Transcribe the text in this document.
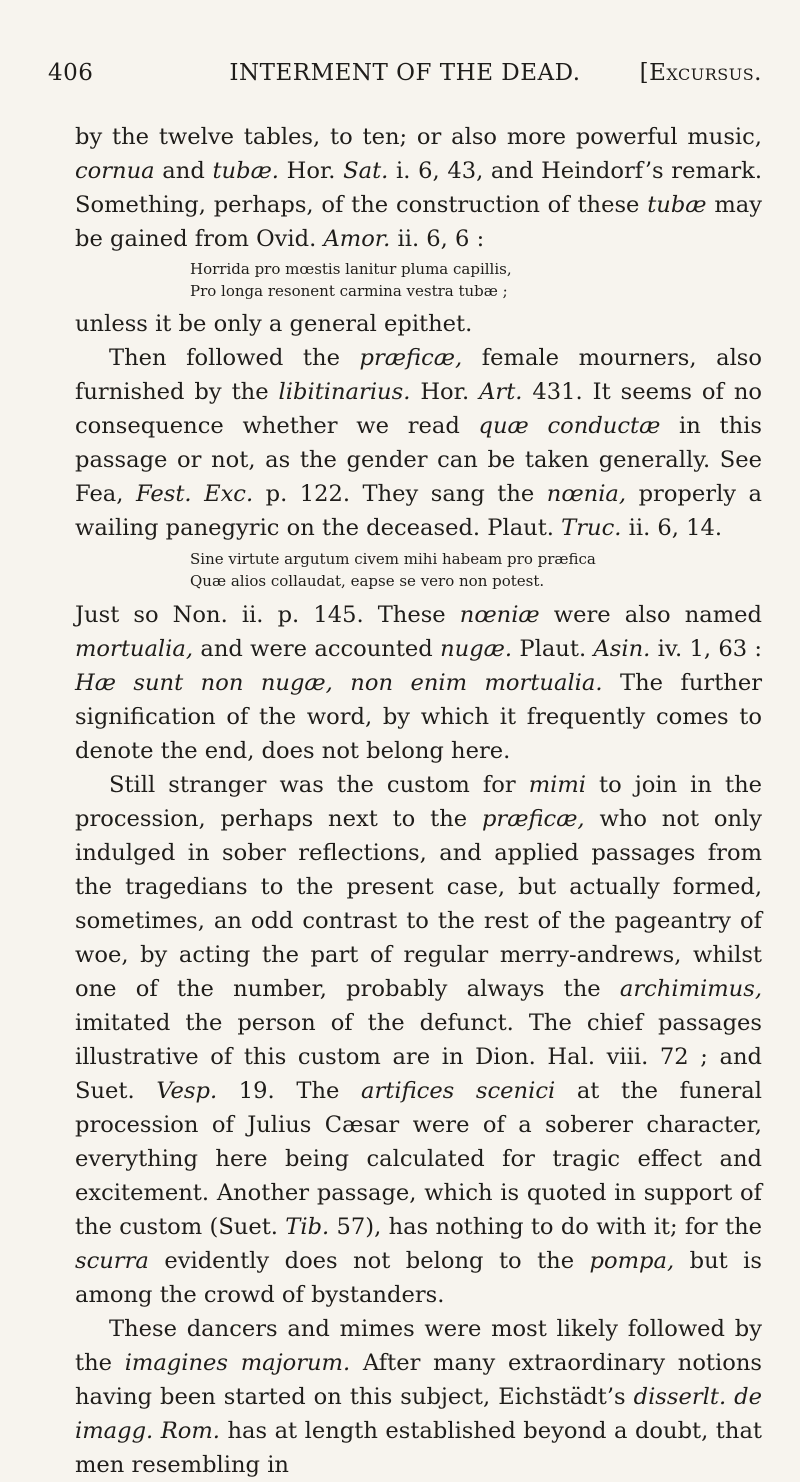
406	INTERMENT OF THE DEAD.	[Excursus.

by the twelve tables, to ten; or also more powerful music, cornua and tubæ. Hor. Sat. i. 6, 43, and Heindorf’s remark. Something, perhaps, of the construction of these tubæ may be gained from Ovid. Amor. ii. 6, 6 :

Horrida pro mœstis lanitur pluma capillis,
Pro longa resonent carmina vestra tubæ ;

unless it be only a general epithet.

Then followed the præficæ, female mourners, also furnished by the libitinarius. Hor. Art. 431. It seems of no consequence whether we read quæ conductæ in this passage or not, as the gender can be taken generally. See Fea, Fest. Exc. p. 122. They sang the nœnia, properly a wailing panegyric on the deceased. Plaut. Truc. ii. 6, 14.

Sine virtute argutum civem mihi habeam pro præfica
Quæ alios collaudat, eapse se vero non potest.

Just so Non. ii. p. 145. These nœniæ were also named mortualia, and were accounted nugæ. Plaut. Asin. iv. 1, 63 : Hæ sunt non nugæ, non enim mortualia. The further signification of the word, by which it frequently comes to denote the end, does not belong here.

Still stranger was the custom for mimi to join in the procession, perhaps next to the præficæ, who not only indulged in sober reflections, and applied passages from the tragedians to the present case, but actually formed, sometimes, an odd contrast to the rest of the pageantry of woe, by acting the part of regular merry-andrews, whilst one of the number, probably always the archimimus, imitated the person of the defunct. The chief passages illustrative of this custom are in Dion. Hal. viii. 72 ; and Suet. Vesp. 19. The artifices scenici at the funeral procession of Julius Cæsar were of a soberer character, everything here being calculated for tragic effect and excitement. Another passage, which is quoted in support of the custom (Suet. Tib. 57), has nothing to do with it; for the scurra evidently does not belong to the pompa, but is among the crowd of bystanders.

These dancers and mimes were most likely followed by the imagines majorum. After many extraordinary notions having been started on this subject, Eichstädt’s disserlt. de imagg. Rom. has at length established beyond a doubt, that men resembling in
